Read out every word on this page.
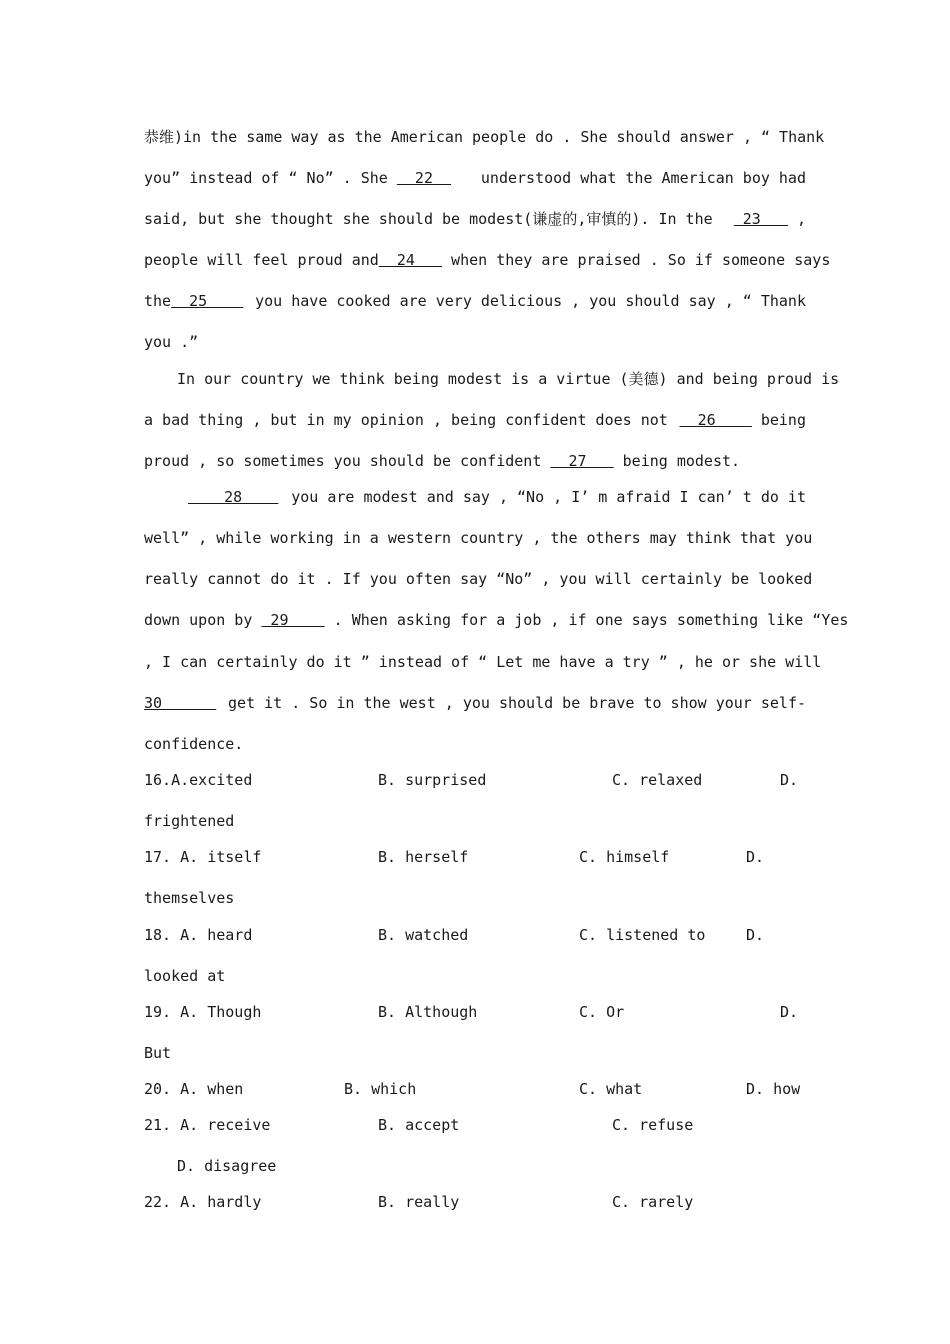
恭维)in the same way as the American people do . She should answer , “ Thank
you” instead of “ No” . She   22 understood what the American boy had
said, but she thought she should be modest(谦虚的,审慎的). In the 23    ,
people will feel proud and  24 when they are praised . So if someone says
the  25 you have cooked are very delicious , you should say , “ Thank
you .”
In our country we think being modest is a virtue (美德) and being proud is
a bad thing , but in my opinion , being confident does not 26     being
proud , so sometimes you should be confident   27    being modest.
28 you are modest and say , “No , I’ m afraid I can’ t do it
well” , while working in a western country , the others may think that you
really cannot do it . If you often say “No” , you will certainly be looked
down upon by  29 . When asking for a job , if one says something like “Yes
, I can certainly do it ” instead of “ Let me have a try ” , he or she will
30 get it . So in the west , you should be brave to show your self-
confidence.
16.A.excited	B. surprised	C. relaxed	D.
frightened
17. A. itself	B. herself	C. himself	D.
themselves
18. A. heard	B. watched	C. listened to	D.
looked at
19. A. Though	B. Although	C. Or	D.
But
20. A. when	B. which	C. what	D. how
21. A. receive	B. accept	C. refuse
D. disagree
22. A. hardly	B. really	C. rarely
